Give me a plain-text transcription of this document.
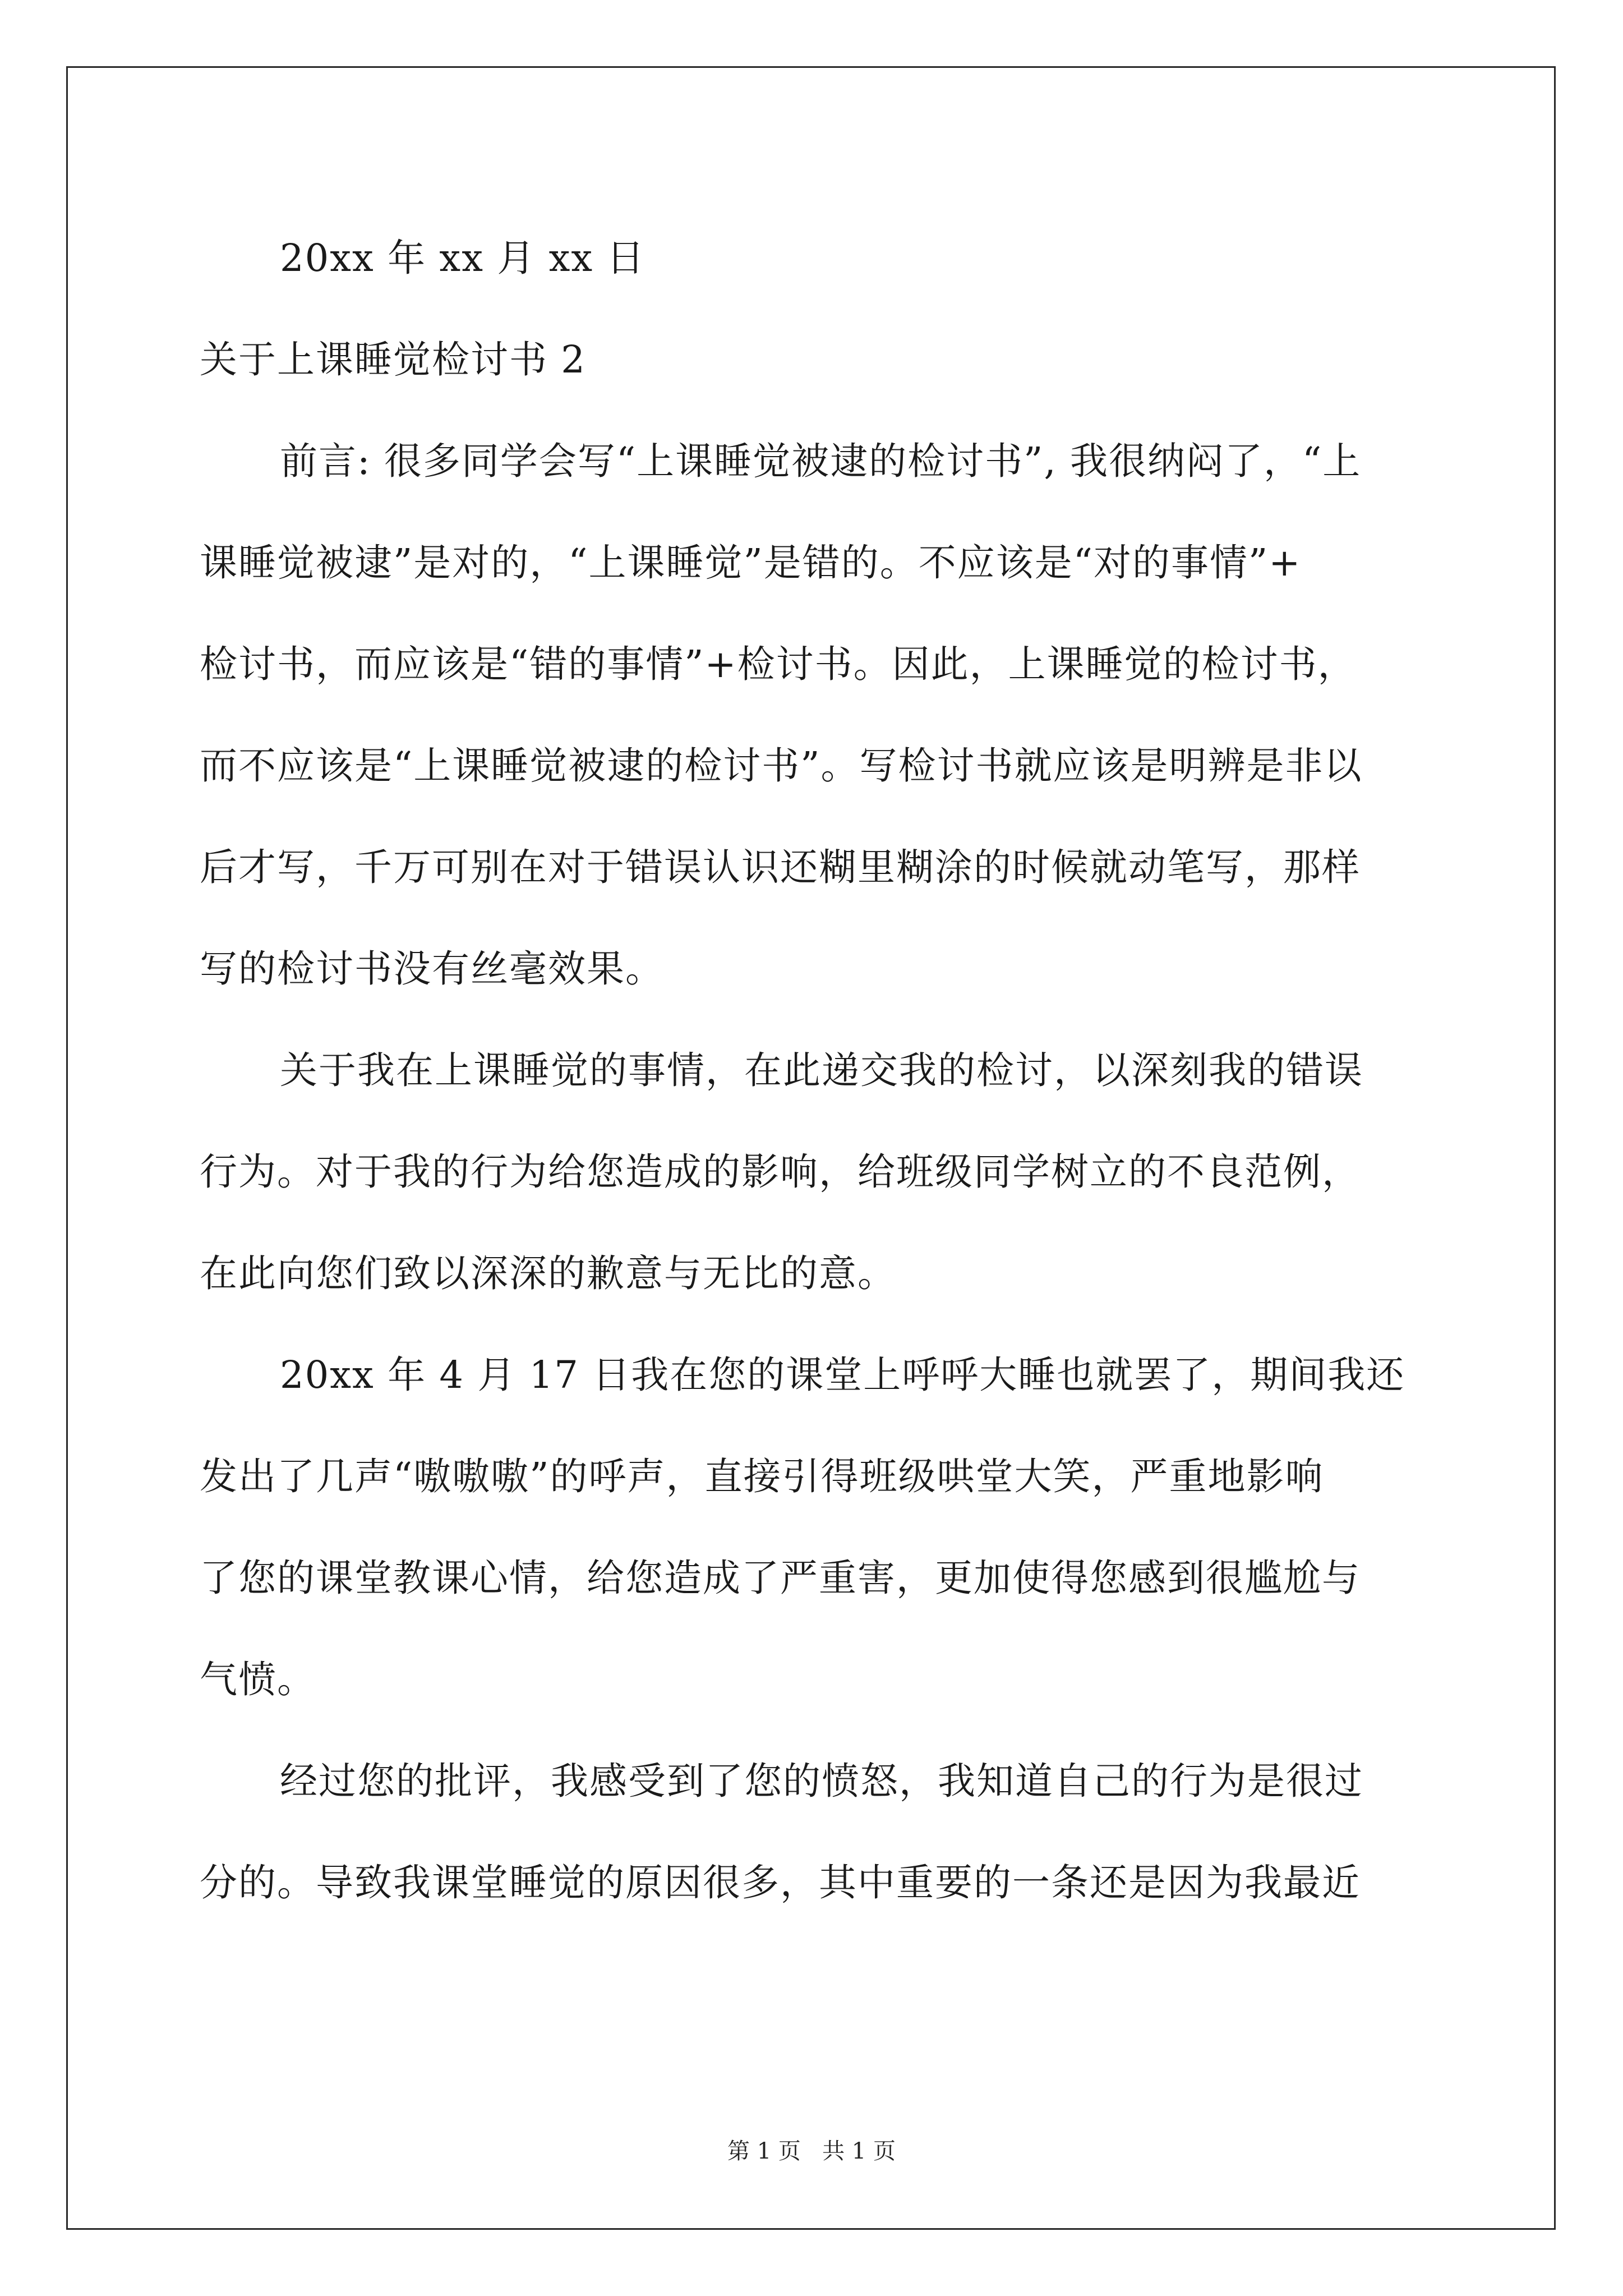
20xx 年 xx 月 xx 日
关于上课睡觉检讨书 2
前言: 很多同学会写“上课睡觉被逮的检讨书”, 我很纳闷了，“上
课睡觉被逮”是对的，“上课睡觉”是错的。不应该是“对的事情”+
检讨书，而应该是“错的事情”+检讨书。因此，上课睡觉的检讨书，
而不应该是“上课睡觉被逮的检讨书”。写检讨书就应该是明辨是非以
后才写，千万可别在对于错误认识还糊里糊涂的时候就动笔写，那样
写的检讨书没有丝毫效果。
关于我在上课睡觉的事情，在此递交我的检讨，以深刻我的错误
行为。对于我的行为给您造成的影响，给班级同学树立的不良范例，
在此向您们致以深深的歉意与无比的意。
20xx 年 4 月 17 日我在您的课堂上呼呼大睡也就罢了，期间我还
发出了几声“嗷嗷嗷”的呼声，直接引得班级哄堂大笑，严重地影响
了您的课堂教课心情，给您造成了严重害，更加使得您感到很尴尬与
气愤。
经过您的批评，我感受到了您的愤怒，我知道自己的行为是很过
分的。导致我课堂睡觉的原因很多，其中重要的一条还是因为我最近
第 1 页   共 1 页
